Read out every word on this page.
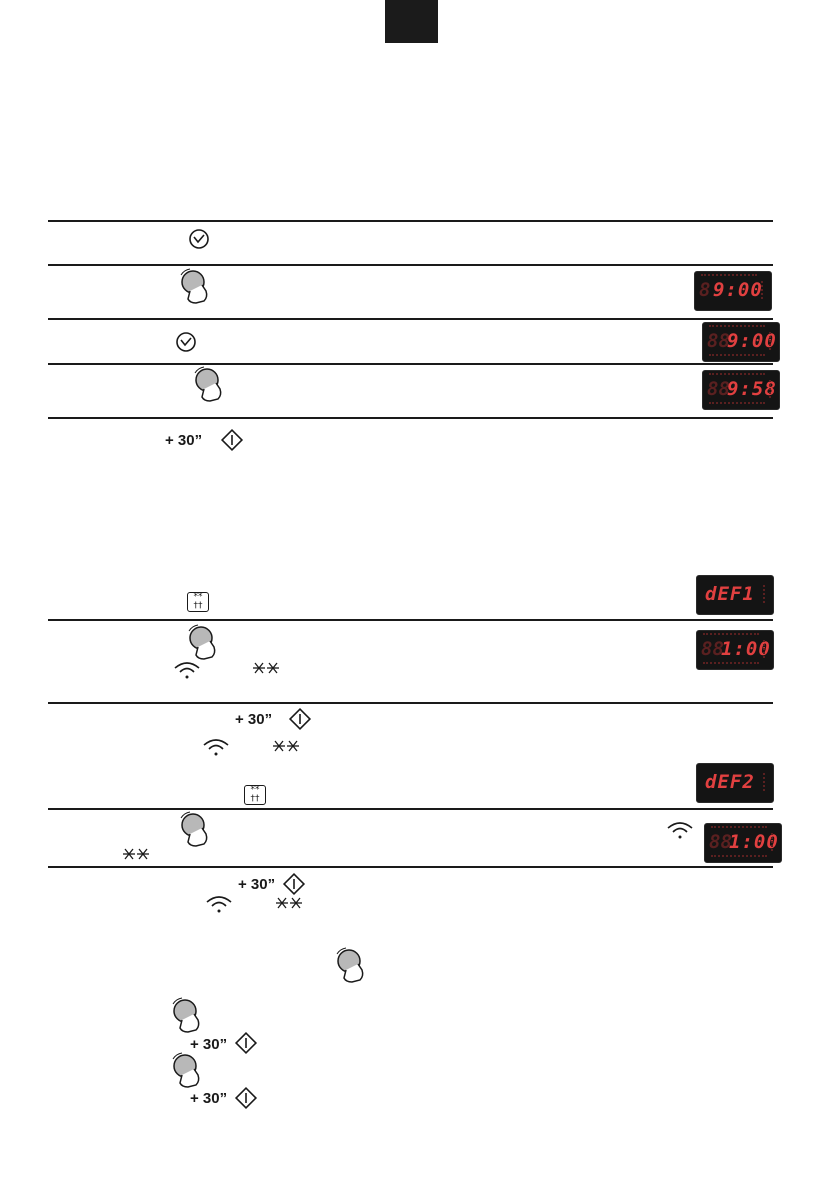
8 9:00
88
9:00
88
9:58
+ 30”
**
††
dEF1
88
1:00
+ 30”
**
††
dEF2
88
1:00
+ 30”
+ 30”
+ 30”
